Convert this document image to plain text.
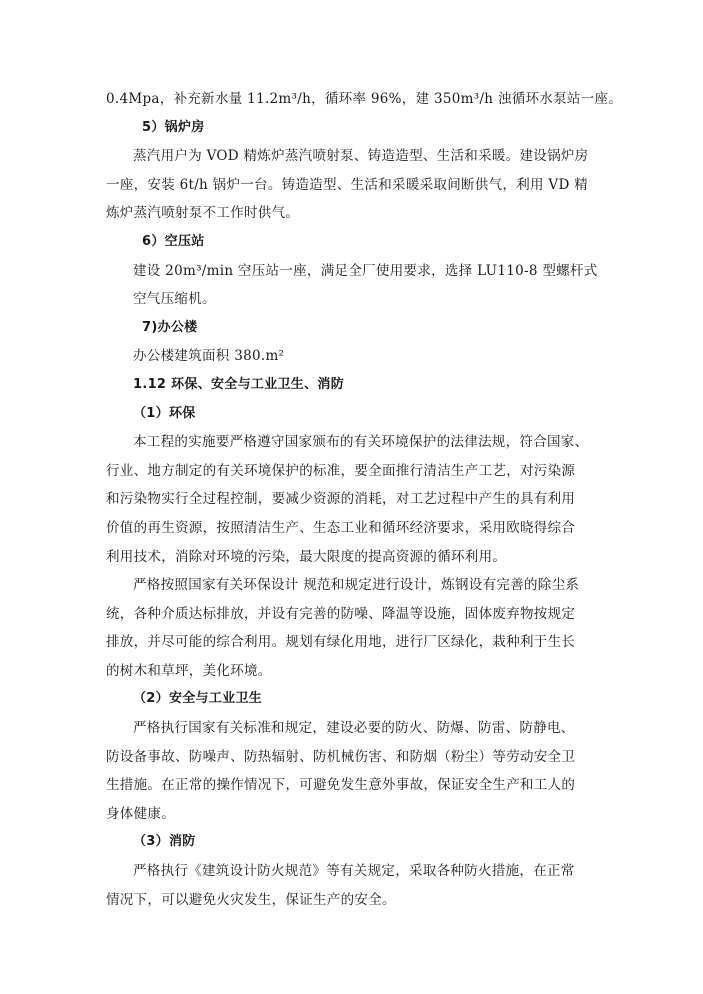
0.4Mpa，补充新水量 11.2m³/h，循环率 96%，建 350m³/h 浊循环水泵站一座。
5）锅炉房
蒸汽用户为 VOD 精炼炉蒸汽喷射泵、铸造造型、生活和采暖。建设锅炉房
一座，安装 6t/h 锅炉一台。铸造造型、生活和采暖采取间断供气，利用 VD 精
炼炉蒸汽喷射泵不工作时供气。
6）空压站
建设 20m³/min 空压站一座，满足全厂使用要求，选择 LU110-8 型螺杆式
空气压缩机。
7)办公楼
办公楼建筑面积 380.m²
1.12 环保、安全与工业卫生、消防
（1）环保
本工程的实施要严格遵守国家颁布的有关环境保护的法律法规，符合国家、
行业、地方制定的有关环境保护的标准，要全面推行清洁生产工艺，对污染源
和污染物实行全过程控制，要减少资源的消耗，对工艺过程中产生的具有利用
价值的再生资源，按照清洁生产、生态工业和循环经济要求，采用欧晓得综合
利用技术，消除对环境的污染，最大限度的提高资源的循环利用。
严格按照国家有关环保设计 规范和规定进行设计，炼钢设有完善的除尘系
统，各种介质达标排放，并设有完善的防噪、降温等设施，固体废弃物按规定
排放，并尽可能的综合利用。规划有绿化用地，进行厂区绿化，栽种利于生长
的树木和草坪，美化环境。
（2）安全与工业卫生
严格执行国家有关标准和规定，建设必要的防火、防爆、防雷、防静电、
防设备事故、防噪声、防热辐射、防机械伤害、和防烟（粉尘）等劳动安全卫
生措施。在正常的操作情况下，可避免发生意外事故，保证安全生产和工人的
身体健康。
（3）消防
严格执行《建筑设计防火规范》等有关规定，采取各种防火措施，在正常
情况下，可以避免火灾发生，保证生产的安全。
